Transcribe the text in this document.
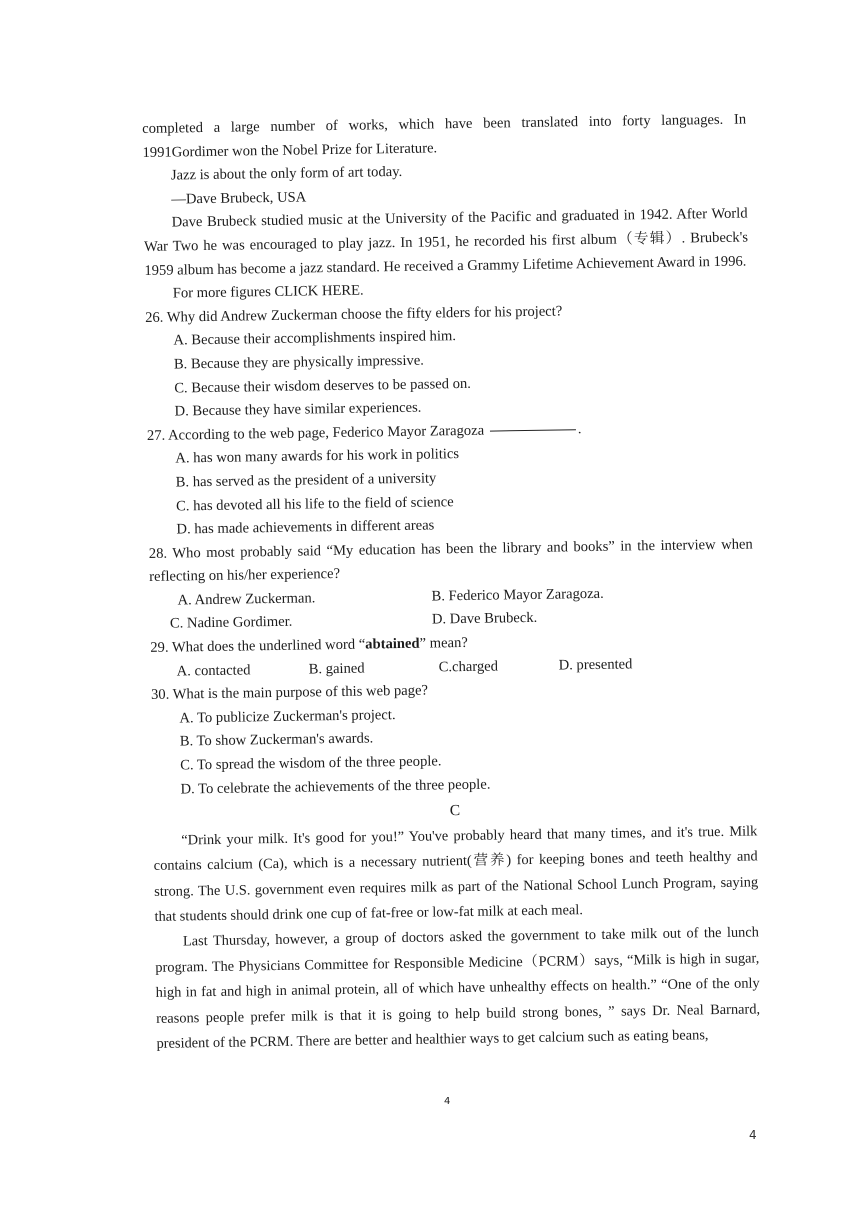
completed a large number of works, which have been translated into forty languages. In

1991Gordimer won the Nobel Prize for Literature.

Jazz is about the only form of art today.

—Dave Brubeck, USA

Dave Brubeck studied music at the University of the Pacific and graduated in 1942. After World War Two he was encouraged to play jazz. In 1951, he recorded his first album（专辑）. Brubeck's 1959 album has become a jazz standard. He received a Grammy Lifetime Achievement Award in 1996.

For more figures CLICK HERE.

26. Why did Andrew Zuckerman choose the fifty elders for his project?

A. Because their accomplishments inspired him.

B. Because they are physically impressive.

C. Because their wisdom deserves to be passed on.

D. Because they have similar experiences.

27. According to the web page, Federico Mayor Zaragoza	.

A. has won many awards for his work in politics

B. has served as the president of a university

C. has devoted all his life to the field of science

D. has made achievements in different areas

28. Who most probably said “My education has been the library and books” in the interview when reflecting on his/her experience?

A. Andrew Zuckerman.	B. Federico Mayor Zaragoza.
C. Nadine Gordimer.	D. Dave Brubeck.

29. What does the underlined word “abtained” mean?

A. contacted	B. gained	C.charged	D. presented

30. What is the main purpose of this web page?

A. To publicize Zuckerman's project.

B. To show Zuckerman's awards.

C. To spread the wisdom of the three people.

D. To celebrate the achievements of the three people.

C

“Drink your milk. It's good for you!” You've probably heard that many times, and it's true. Milk contains calcium (Ca), which is a necessary nutrient(营养) for keeping bones and teeth healthy and strong. The U.S. government even requires milk as part of the National School Lunch Program, saying that students should drink one cup of fat-free or low-fat milk at each meal.

Last Thursday, however, a group of doctors asked the government to take milk out of the lunch program. The Physicians Committee for Responsible Medicine（PCRM）says, “Milk is high in sugar, high in fat and high in animal protein, all of which have unhealthy effects on health.” “One of the only reasons people prefer milk is that it is going to help build strong bones, ” says Dr. Neal Barnard, president of the PCRM. There are better and healthier ways to get calcium such as eating beans,

4
4
